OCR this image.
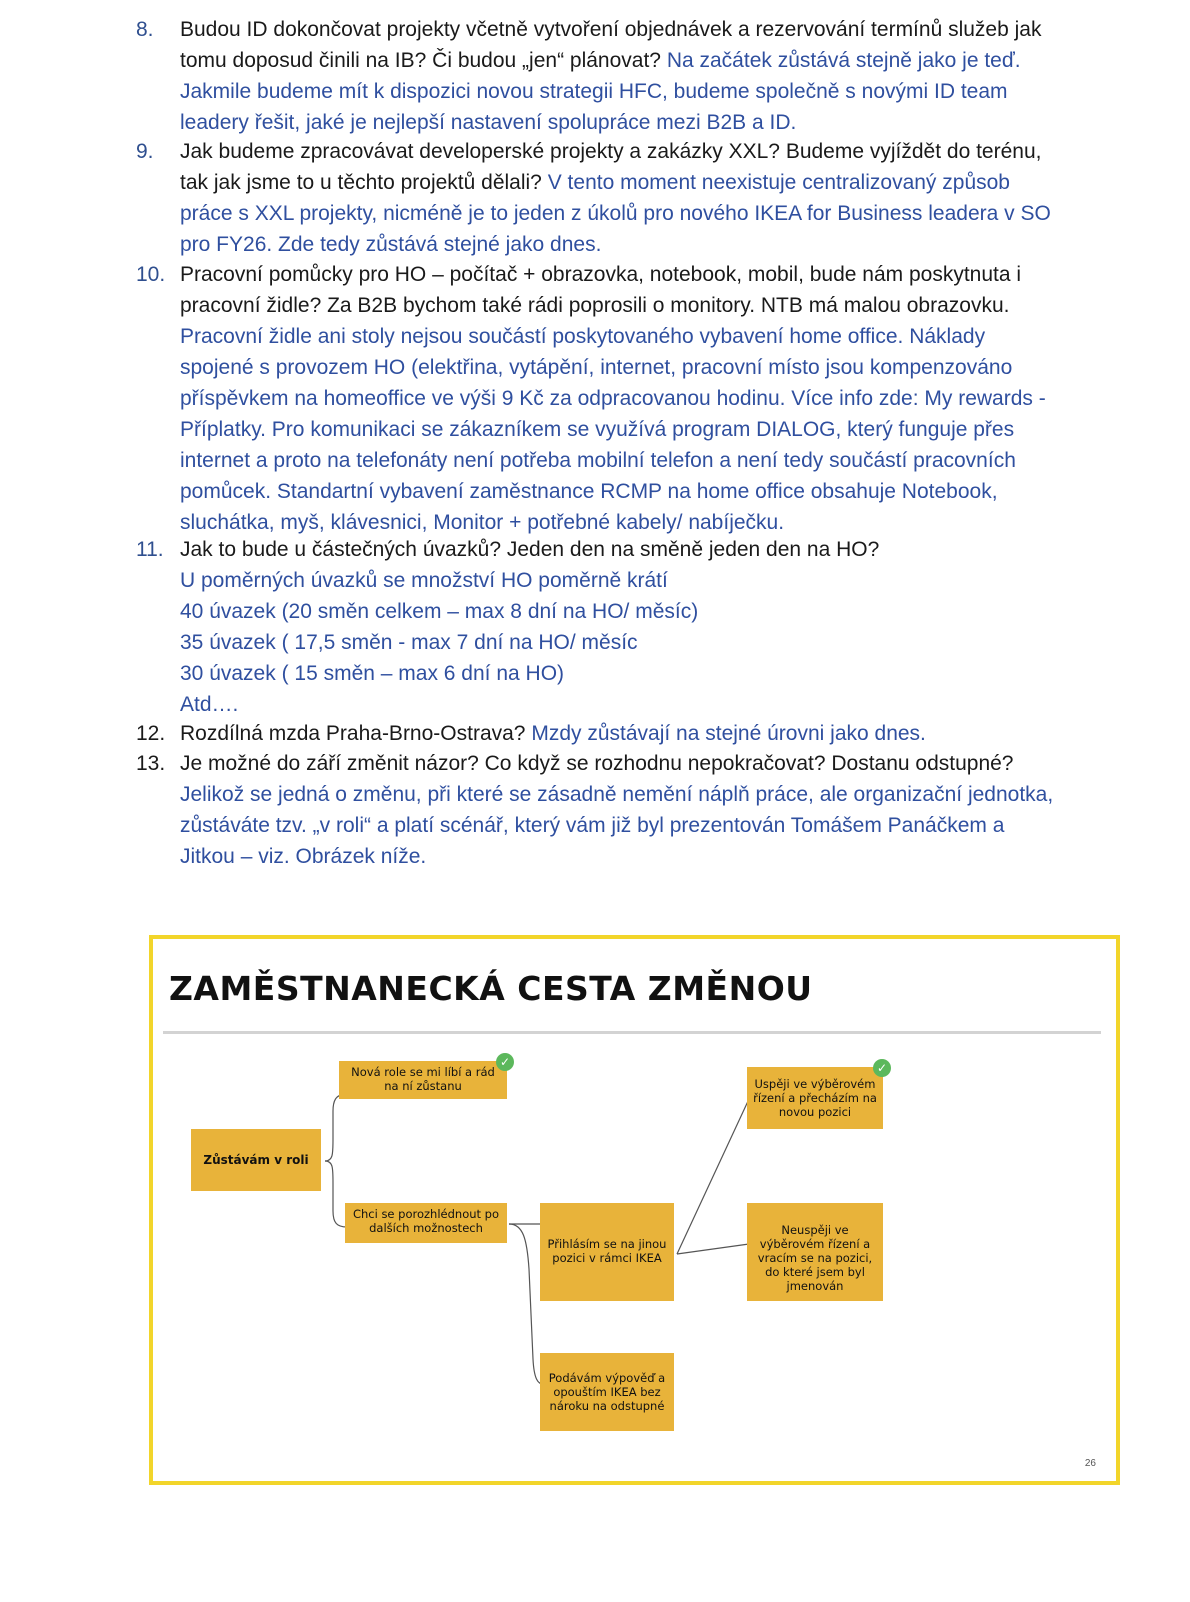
8.	Budou ID dokončovat projekty včetně vytvoření objednávek a rezervování termínů služeb jak
tomu doposud činili na IB? Či budou „jen“ plánovat? Na začátek zůstává stejně jako je teď.
Jakmile budeme mít k dispozici novou strategii HFC, budeme společně s novými ID team
leadery řešit, jaké je nejlepší nastavení spolupráce mezi B2B a ID.
9.	Jak budeme zpracovávat developerské projekty a zakázky XXL? Budeme vyjíždět do terénu,
tak jak jsme to u těchto projektů dělali? V tento moment neexistuje centralizovaný způsob
práce s XXL projekty, nicméně je to jeden z úkolů pro nového IKEA for Business leadera v SO
pro FY26. Zde tedy zůstává stejné jako dnes.
10. Pracovní pomůcky pro HO – počítač + obrazovka, notebook, mobil, bude nám poskytnuta i
pracovní židle? Za B2B bychom také rádi poprosili o monitory. NTB má malou obrazovku.
Pracovní židle ani stoly nejsou součástí poskytovaného vybavení home office. Náklady
spojené s provozem HO (elektřina, vytápění, internet, pracovní místo jsou kompenzováno
příspěvkem na homeoffice ve výši 9 Kč za odpracovanou hodinu. Více info zde: My rewards -
Příplatky. Pro komunikaci se zákazníkem se využívá program DIALOG, který funguje přes
internet a proto na telefonáty není potřeba mobilní telefon a není tedy součástí pracovních
pomůcek. Standartní vybavení zaměstnance RCMP na home office obsahuje Notebook,
sluchátka, myš, klávesnici, Monitor + potřebné kabely/ nabíječku.
11. Jak to bude u částečných úvazků? Jeden den na směně jeden den na HO?
U poměrných úvazků se množství HO poměrně krátí
40 úvazek (20 směn celkem – max 8 dní na HO/ měsíc)
35 úvazek ( 17,5 směn - max 7 dní na HO/ měsíc
30 úvazek ( 15 směn – max 6 dní na HO)
Atd….
12. Rozdílná mzda Praha-Brno-Ostrava? Mzdy zůstávají na stejné úrovni jako dnes.
13. Je možné do září změnit názor? Co když se rozhodnu nepokračovat? Dostanu odstupné?
Jelikož se jedná o změnu, při které se zásadně nemění náplň práce, ale organizační jednotka,
zůstáváte tzv. „v roli“ a platí scénář, který vám již byl prezentován Tomášem Panáčkem a
Jitkou – viz. Obrázek níže.
ZAMĚSTNANECKÁ CESTA ZMĚNOU
Zůstávám v roli
Nová role se mi líbí a rád na ní zůstanu
✓
Chci se porozhlédnout po dalších možnostech
Přihlásím se na jinou pozici v rámci IKEA
Podávám výpověď a opouštím IKEA bez nároku na odstupné
Uspěji ve výběrovém řízení a přecházím na novou pozici
✓
Neuspěji ve výběrovém řízení a vracím se na pozici, do které jsem byl jmenován
26
